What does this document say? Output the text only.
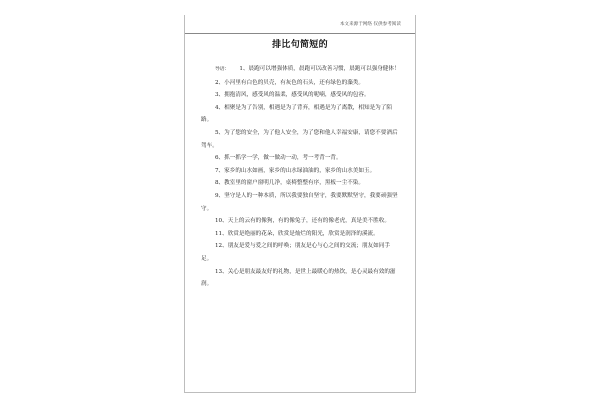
本文来源于网络 仅供参考阅读
排比句简短的

导语： 1、晨跑可以增强体质，晨跑可以改善习惯，晨跑可以强身健体！

2、小河里有白色的贝壳，有灰色的石头，还有绿色的藻类。

3、拥抱清风，感受风的温柔，感受风的呢喃，感受风的包容。

4、相聚是为了告别，相遇是为了背弃，相遇是为了离散，相知是为了陌路。

5、为了您的安全，为了他人安全，为了您和他人幸福安康，请您不要酒后驾车。

6、抓一抓学一学，做一做动一动，考一考背一背。

7、家乡的山水如画，家乡的山水绿油油的，家乡的山水美如玉。

8、教室里的窗户窗明几净，桌椅整整有序，黑板一尘不染。

9、坚守是人的一种本质，所以我要独自坚守，我要默默坚守，我要顽强坚守。

10、天上的云有的像狗，有的像兔子，还有的像老虎，真是美不胜收。

11、欣赏是绝丽的花朵，欣赏是灿烂的阳光，欣赏是润泽的溪流。

12、朋友是爱与爱之间的呼唤；朋友是心与心之间的交流；朋友如同手足。

13、关心是朋友最友好的礼物，是世上最暖心的热饮，是心灵最有效的滋润。
